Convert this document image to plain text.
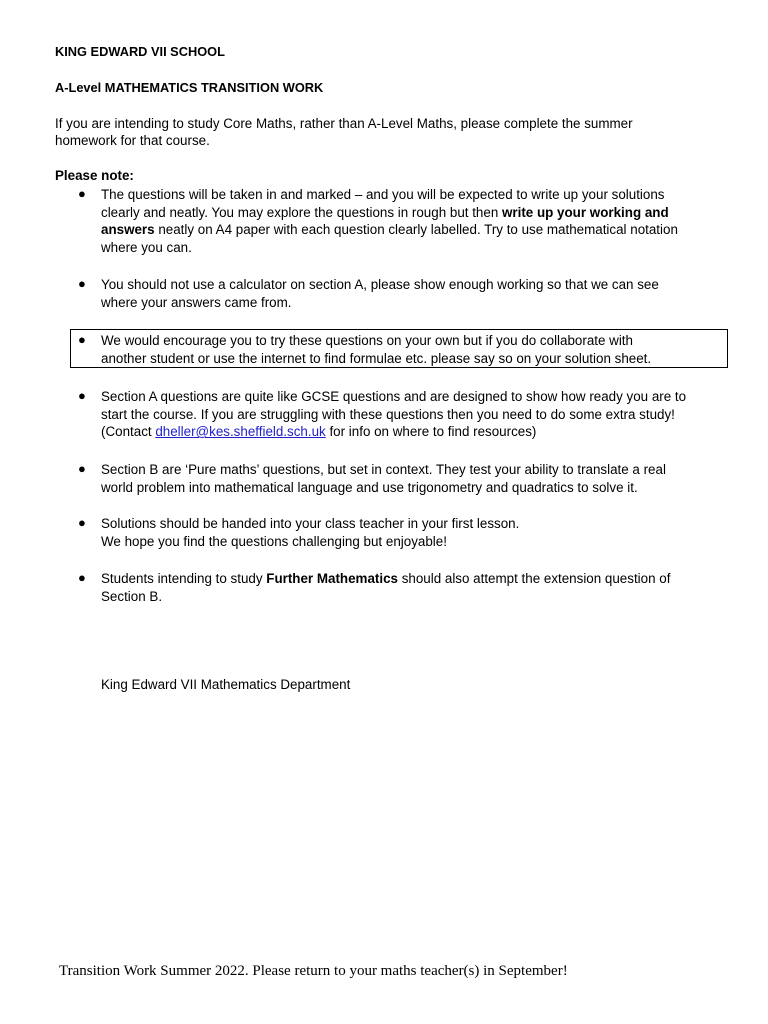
KING EDWARD VII SCHOOL
A-Level MATHEMATICS TRANSITION WORK
If you are intending to study Core Maths, rather than A-Level Maths, please complete the summer
homework for that course.
Please note:
● The questions will be taken in and marked – and you will be expected to write up your solutions
clearly and neatly. You may explore the questions in rough but then write up your working and
answers neatly on A4 paper with each question clearly labelled. Try to use mathematical notation
where you can.
● You should not use a calculator on section A, please show enough working so that we can see
where your answers came from.
● We would encourage you to try these questions on your own but if you do collaborate with
another student or use the internet to find formulae etc. please say so on your solution sheet.
● Section A questions are quite like GCSE questions and are designed to show how ready you are to
start the course. If you are struggling with these questions then you need to do some extra study!
(Contact dheller@kes.sheffield.sch.uk for info on where to find resources)
● Section B are ‘Pure maths’ questions, but set in context. They test your ability to translate a real
world problem into mathematical language and use trigonometry and quadratics to solve it.
● Solutions should be handed into your class teacher in your first lesson.
We hope you find the questions challenging but enjoyable!
● Students intending to study Further Mathematics should also attempt the extension question of
Section B.
King Edward VII Mathematics Department
Transition Work Summer 2022. Please return to your maths teacher(s) in September!
